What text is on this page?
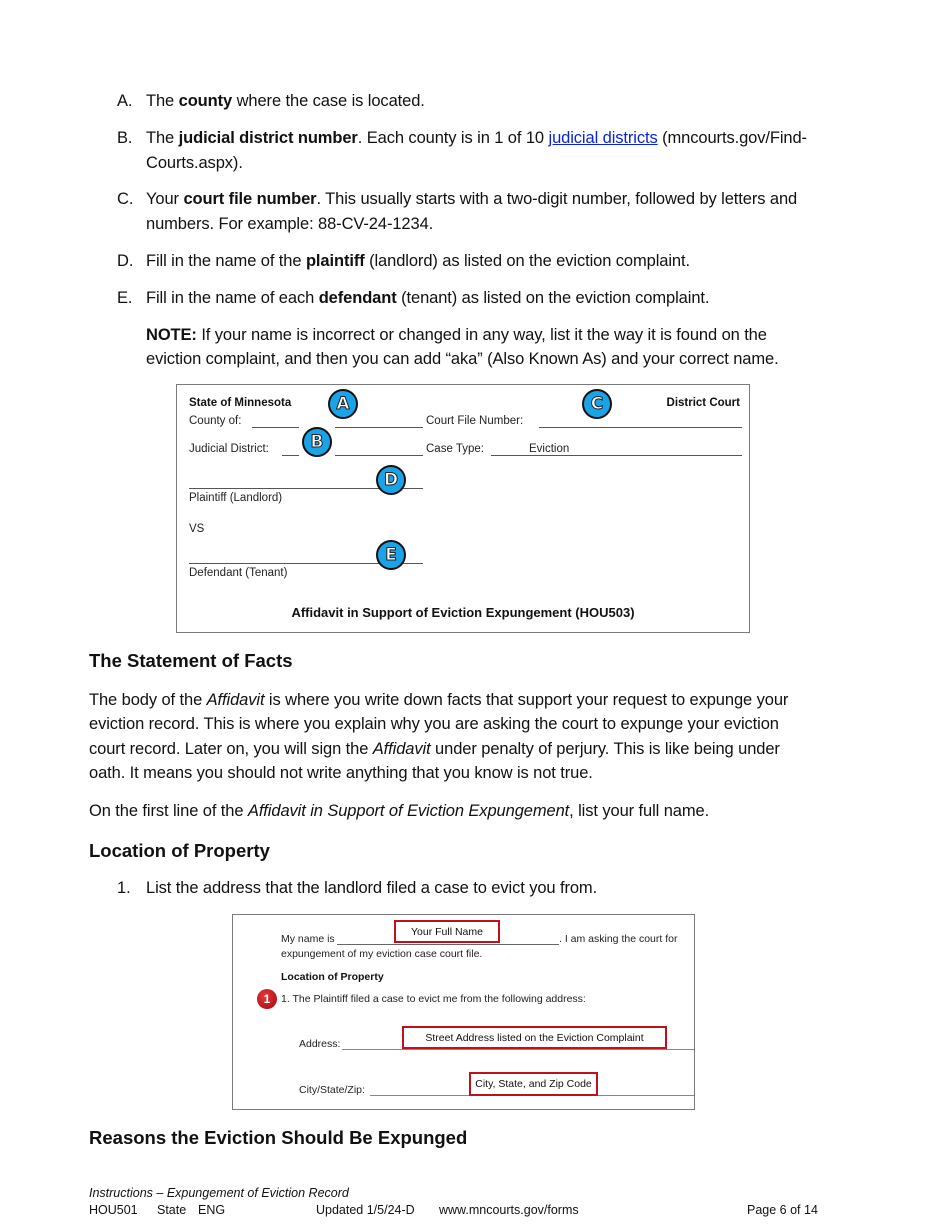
A. The county where the case is located.
B. The judicial district number. Each county is in 1 of 10 judicial districts (mncourts.gov/Find-
Courts.aspx).
C. Your court file number. This usually starts with a two-digit number, followed by letters and
numbers. For example: 88-CV-24-1234.
D. Fill in the name of the plaintiff (landlord) as listed on the eviction complaint.
E. Fill in the name of each defendant (tenant) as listed on the eviction complaint.
NOTE: If your name is incorrect or changed in any way, list it the way it is found on the
eviction complaint, and then you can add “aka” (Also Known As) and your correct name.
State of Minnesota	District Court
County of:	Court File Number:
Judicial District:	Case Type:	Eviction
Plaintiff (Landlord)
VS
Defendant (Tenant)
Affidavit in Support of Eviction Expungement (HOU503)
A
B
C
D
E
The Statement of Facts
The body of the Affidavit is where you write down facts that support your request to expunge your
eviction record. This is where you explain why you are asking the court to expunge your eviction
court record. Later on, you will sign the Affidavit under penalty of perjury. This is like being under
oath. It means you should not write anything that you know is not true.
On the first line of the Affidavit in Support of Eviction Expungement, list your full name.
Location of Property
1. List the address that the landlord filed a case to evict you from.
My name is	. I am asking the court for
Your Full Name
expungement of my eviction case court file.
Location of Property
1	1. The Plaintiff filed a case to evict me from the following address:
Address:
Street Address listed on the Eviction Complaint
City/State/Zip:	City, State, and Zip Code
Reasons the Eviction Should Be Expunged
Instructions – Expungement of Eviction Record
HOU501 State ENG	Updated 1/5/24-D www.mncourts.gov/forms	Page 6 of 14
